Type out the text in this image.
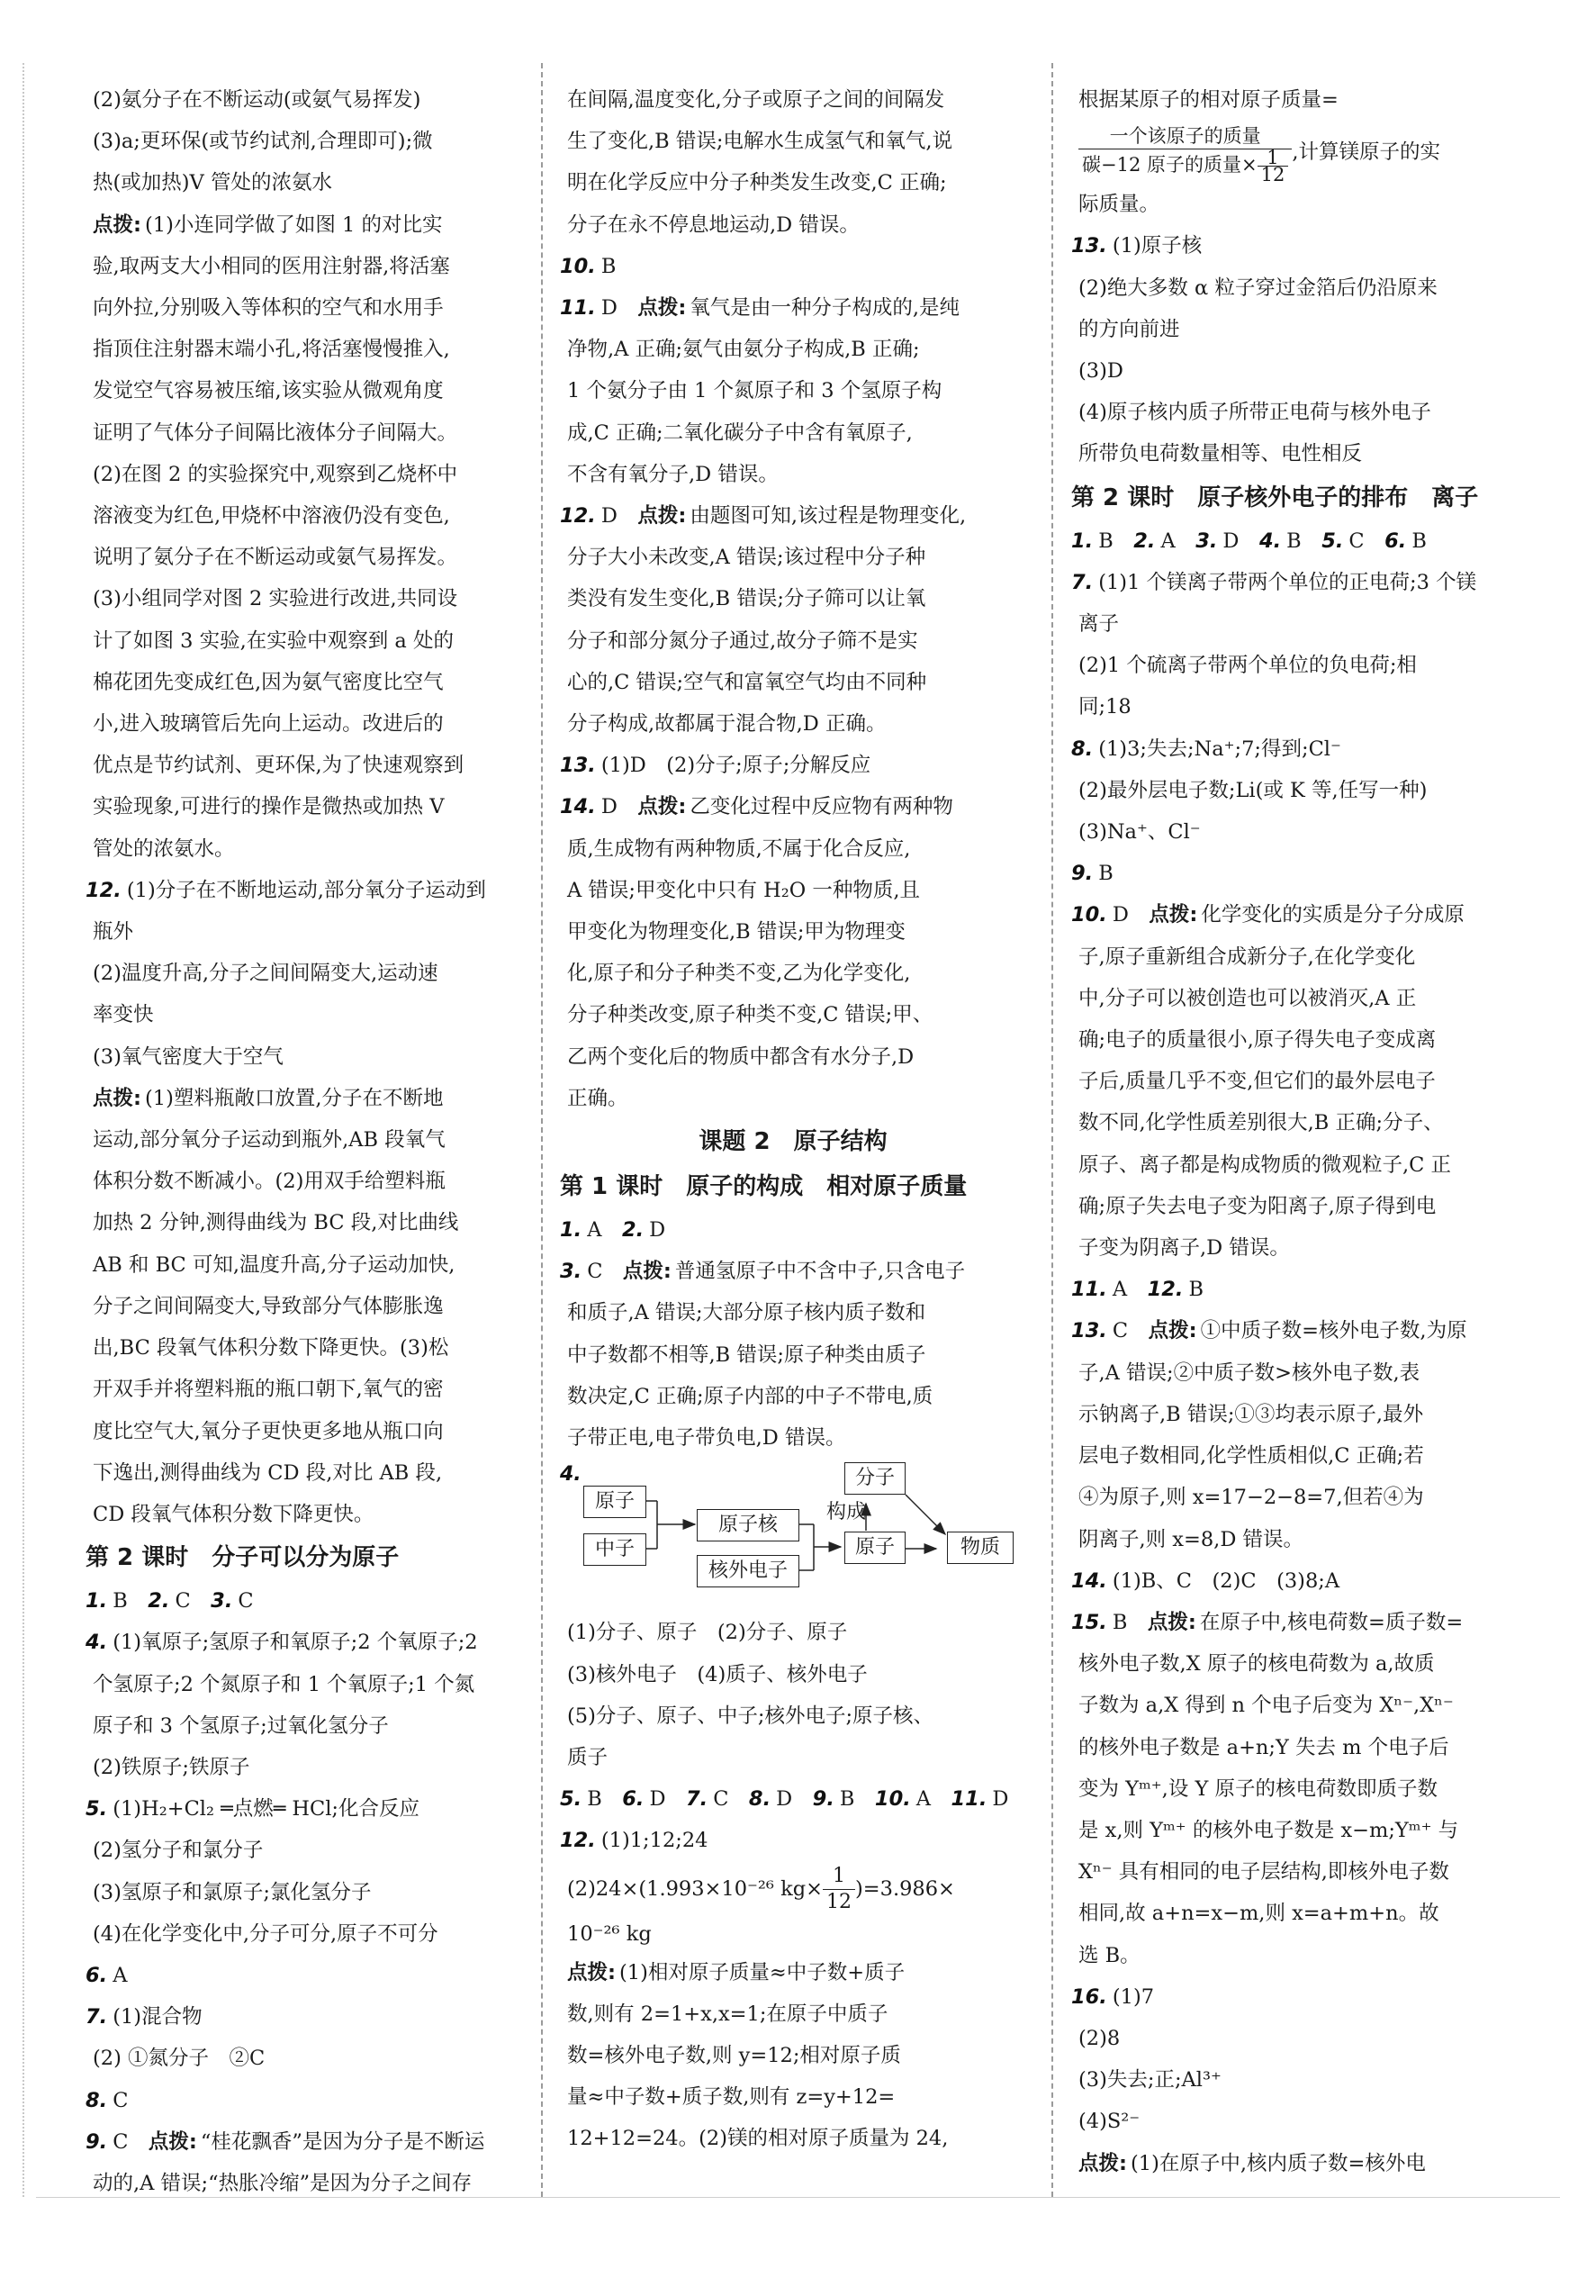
(2)氨分子在不断运动(或氨气易挥发)
(3)a;更环保(或节约试剂,合理即可);微
热(或加热)V 管处的浓氨水
点拨: (1)小连同学做了如图 1 的对比实
验,取两支大小相同的医用注射器,将活塞
向外拉,分别吸入等体积的空气和水用手
指顶住注射器末端小孔,将活塞慢慢推入,
发觉空气容易被压缩,该实验从微观角度
证明了气体分子间隔比液体分子间隔大。
(2)在图 2 的实验探究中,观察到乙烧杯中
溶液变为红色,甲烧杯中溶液仍没有变色,
说明了氨分子在不断运动或氨气易挥发。
(3)小组同学对图 2 实验进行改进,共同设
计了如图 3 实验,在实验中观察到 a 处的
棉花团先变成红色,因为氨气密度比空气
小,进入玻璃管后先向上运动。改进后的
优点是节约试剂、更环保,为了快速观察到
实验现象,可进行的操作是微热或加热 V
管处的浓氨水。
12. (1)分子在不断地运动,部分氧分子运动到
瓶外
(2)温度升高,分子之间间隔变大,运动速
率变快
(3)氧气密度大于空气
点拨: (1)塑料瓶敞口放置,分子在不断地
运动,部分氧分子运动到瓶外,AB 段氧气
体积分数不断减小。(2)用双手给塑料瓶
加热 2 分钟,测得曲线为 BC 段,对比曲线
AB 和 BC 可知,温度升高,分子运动加快,
分子之间间隔变大,导致部分气体膨胀逸
出,BC 段氧气体积分数下降更快。(3)松
开双手并将塑料瓶的瓶口朝下,氧气的密
度比空气大,氧分子更快更多地从瓶口向
下逸出,测得曲线为 CD 段,对比 AB 段,
CD 段氧气体积分数下降更快。
第 2 课时　分子可以分为原子
1. B　2. C　3. C
4. (1)氧原子;氢原子和氧原子;2 个氧原子;2
个氢原子;2 个氮原子和 1 个氧原子;1 个氮
原子和 3 个氢原子;过氧化氢分子
(2)铁原子;铁原子
5. (1)H₂+Cl₂ ═点燃═ HCl;化合反应
(2)氢分子和氯分子
(3)氢原子和氯原子;氯化氢分子
(4)在化学变化中,分子可分,原子不可分
6. A
7. (1)混合物
(2) ①氮分子　②C
8. C
9. C　点拨: “桂花飘香”是因为分子是不断运
动的,A 错误;“热胀冷缩”是因为分子之间存
在间隔,温度变化,分子或原子之间的间隔发
生了变化,B 错误;电解水生成氢气和氧气,说
明在化学反应中分子种类发生改变,C 正确;
分子在永不停息地运动,D 错误。
10. B
11. D　点拨: 氧气是由一种分子构成的,是纯
净物,A 正确;氨气由氨分子构成,B 正确;
1 个氨分子由 1 个氮原子和 3 个氢原子构
成,C 正确;二氧化碳分子中含有氧原子,
不含有氧分子,D 错误。
12. D　点拨: 由题图可知,该过程是物理变化,
分子大小未改变,A 错误;该过程中分子种
类没有发生变化,B 错误;分子筛可以让氧
分子和部分氮分子通过,故分子筛不是实
心的,C 错误;空气和富氧空气均由不同种
分子构成,故都属于混合物,D 正确。
13. (1)D　(2)分子;原子;分解反应
14. D　点拨: 乙变化过程中反应物有两种物
质,生成物有两种物质,不属于化合反应,
A 错误;甲变化中只有 H₂O 一种物质,且
甲变化为物理变化,B 错误;甲为物理变
化,原子和分子种类不变,乙为化学变化,
分子种类改变,原子种类不变,C 错误;甲、
乙两个变化后的物质中都含有水分子,D
正确。
课题 2　原子结构
第 1 课时　原子的构成　相对原子质量
1. A　2. D
3. C　点拨: 普通氢原子中不含中子,只含电子
和质子,A 错误;大部分原子核内质子数和
中子数都不相等,B 错误;原子种类由质子
数决定,C 正确;原子内部的中子不带电,质
子带正电,电子带负电,D 错误。
4.
原子
中子
原子核
核外电子
原子
分子
物质
构成
(1)分子、原子　(2)分子、原子
(3)核外电子　(4)质子、核外电子
(5)分子、原子、中子;核外电子;原子核、
质子
5. B　6. D　7. C　8. D　9. B　10. A　11. D
12. (1)1;12;24
(2)24×(1.993×10⁻²⁶ $kg\times \frac{1}{12} )=3.986\times$
10⁻²⁶ kg
点拨: (1)相对原子质量≈中子数+质子
数,则有 2=1+x,x=1;在原子中质子
数=核外电子数,则 y=12;相对原子质
量≈中子数+质子数,则有 z=y+12=
12+12=24。(2)镁的相对原子质量为 24,
根据某原子的相对原子质量=
$\frac{\text{一个该原子的质量}}{碳-12 原子的质量\times \frac{1}{12}}$ ,计算镁原子的实
际质量。
13. (1)原子核
(2)绝大多数 α 粒子穿过金箔后仍沿原来
的方向前进
(3)D
(4)原子核内质子所带正电荷与核外电子
所带负电荷数量相等、电性相反
第 2 课时　原子核外电子的排布　离子
1. B　2. A　3. D　4. B　5. C　6. B
7. (1)1 个镁离子带两个单位的正电荷;3 个镁
离子
(2)1 个硫离子带两个单位的负电荷;相
同;18
8. (1)3;失去;Na⁺;7;得到;Cl⁻
(2)最外层电子数;Li(或 K 等,任写一种)
(3)Na⁺、Cl⁻
9. B
10. D　点拨: 化学变化的实质是分子分成原
子,原子重新组合成新分子,在化学变化
中,分子可以被创造也可以被消灭,A 正
确;电子的质量很小,原子得失电子变成离
子后,质量几乎不变,但它们的最外层电子
数不同,化学性质差别很大,B 正确;分子、
原子、离子都是构成物质的微观粒子,C 正
确;原子失去电子变为阳离子,原子得到电
子变为阴离子,D 错误。
11. A　12. B
13. C　点拨: ①中质子数=核外电子数,为原
子,A 错误;②中质子数>核外电子数,表
示钠离子,B 错误;①③均表示原子,最外
层电子数相同,化学性质相似,C 正确;若
④为原子,则 x=17−2−8=7,但若④为
阴离子,则 x=8,D 错误。
14. (1)B、C　(2)C　(3)8;A
15. B　点拨: 在原子中,核电荷数=质子数=
核外电子数,X 原子的核电荷数为 a,故质
子数为 a,X 得到 n 个电子后变为 Xⁿ⁻,Xⁿ⁻
的核外电子数是 a+n;Y 失去 m 个电子后
变为 Yᵐ⁺,设 Y 原子的核电荷数即质子数
是 x,则 Yᵐ⁺ 的核外电子数是 x−m;Yᵐ⁺ 与
Xⁿ⁻ 具有相同的电子层结构,即核外电子数
相同,故 a+n=x−m,则 x=a+m+n。故
选 B。
16. (1)7
(2)8
(3)失去;正;Al³⁺
(4)S²⁻
点拨: (1)在原子中,核内质子数=核外电
